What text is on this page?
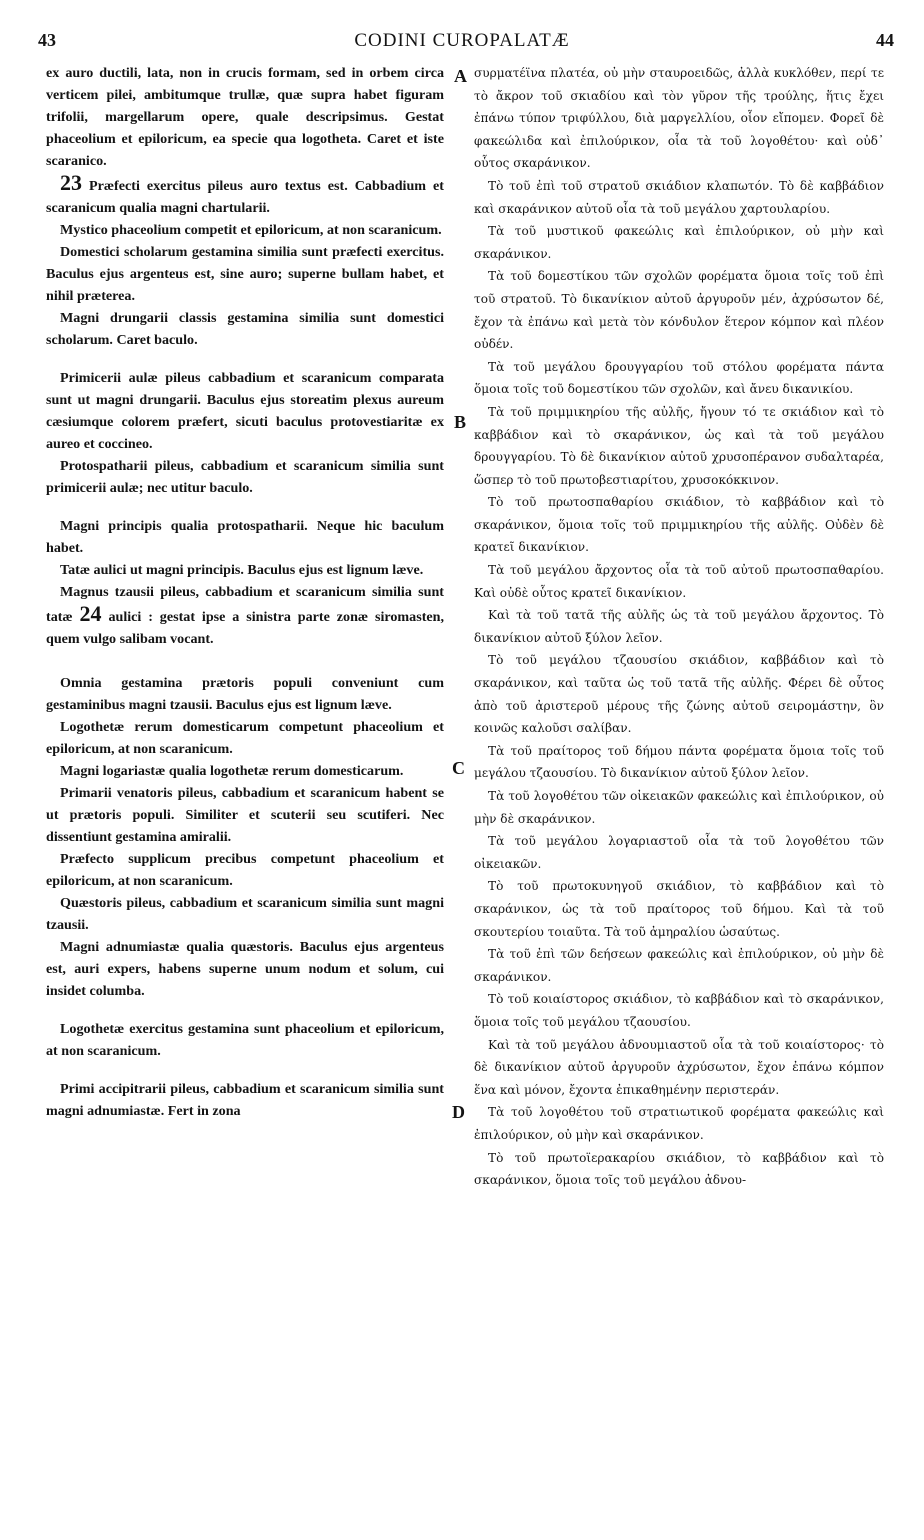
43	CODINI CUROPALATÆ	44

ex auro ductili, lata, non in crucis formam, sed in orbem circa verticem pilei, ambitumque trullæ, quæ supra habet figuram trifolii, margellarum opere, quale descripsimus. Gestat phaceolium et epiloricum, ea specie qua logotheta. Caret et iste scaranico.

23 Præfecti exercitus pileus auro textus est. Cabbadium et scaranicum qualia magni chartularii.

Mystico phaceolium competit et epiloricum, at non scaranicum.

Domestici scholarum gestamina similia sunt præfecti exercitus. Baculus ejus argenteus est, sine auro; superne bullam habet, et nihil præterea.

Magni drungarii classis gestamina similia sunt domestici scholarum. Caret baculo.

Primicerii aulæ pileus cabbadium et scaranicum comparata sunt ut magni drungarii. Baculus ejus storeatim plexus aureum cæsiumque colorem præfert, sicuti baculus protovestiaritæ ex aureo et coccineo.

Protospatharii pileus, cabbadium et scaranicum similia sunt primicerii aulæ; nec utitur baculo.

Magni principis qualia protospatharii. Neque hic baculum habet.

Tatæ aulici ut magni principis. Baculus ejus est lignum læve.

Magnus tzausii pileus, cabbadium et scaranicum similia sunt tatæ 24 aulici : gestat ipse a sinistra parte zonæ siromasten, quem vulgo salibam vocant.

Omnia gestamina prætoris populi conveniunt cum gestaminibus magni tzausii. Baculus ejus est lignum læve.

Logothetæ rerum domesticarum competunt phaceolium et epiloricum, at non scaranicum.

Magni logariastæ qualia logothetæ rerum domesticarum.

Primarii venatoris pileus, cabbadium et scaranicum habent se ut prætoris populi. Similiter et scuterii seu scutiferi. Nec dissentiunt gestamina amiralii.

Præfecto supplicum precibus competunt phaceolium et epiloricum, at non scaranicum.

Quæstoris pileus, cabbadium et scaranicum similia sunt magni tzausii.

Magni adnumiastæ qualia quæstoris. Baculus ejus argenteus est, auri expers, habens superne unum nodum et solum, cui insidet columba.

Logothetæ exercitus gestamina sunt phaceolium et epiloricum, at non scaranicum.

Primi accipitrarii pileus, cabbadium et scaranicum similia sunt magni adnumiastæ. Fert in zona

συρματέϊνα πλατέα, οὐ μὴν σταυροειδῶς, ἀλλὰ κυκλόθεν, περί τε τὸ ἄκρον τοῦ σκιαδίου καὶ τὸν γῦρον τῆς τρούλης, ἥτις ἔχει ἐπάνω τύπον τριφύλλου, διὰ μαργελλίου, οἷον εἴπομεν. Φορεῖ δὲ φακεώλιδα καὶ ἐπιλούρικον, οἷα τὰ τοῦ λογοθέτου· καὶ οὐδ᾽ οὗτος σκαράνικον.

Τὸ τοῦ ἐπὶ τοῦ στρατοῦ σκιάδιον κλαπωτόν. Τὸ δὲ καββάδιον καὶ σκαράνικον αὐτοῦ οἷα τὰ τοῦ μεγάλου χαρτουλαρίου.

Τὰ τοῦ μυστικοῦ φακεώλις καὶ ἐπιλούρικον, οὐ μὴν καὶ σκαράνικον.

Τὰ τοῦ δομεστίκου τῶν σχολῶν φορέματα ὅμοια τοῖς τοῦ ἐπὶ τοῦ στρατοῦ. Τὸ δικανίκιον αὐτοῦ ἀργυροῦν μέν, ἀχρύσωτον δέ, ἔχον τὰ ἐπάνω καὶ μετὰ τὸν κόνδυλον ἕτερον κόμπον καὶ πλέον οὐδέν.

Τὰ τοῦ μεγάλου δρουγγαρίου τοῦ στόλου φορέματα πάντα ὅμοια τοῖς τοῦ δομεστίκου τῶν σχολῶν, καὶ ἄνευ δικανικίου.

Τὰ τοῦ πριμμικηρίου τῆς αὐλῆς, ἤγουν τό τε σκιάδιον καὶ τὸ καββάδιον καὶ τὸ σκαράνικον, ὡς καὶ τὰ τοῦ μεγάλου δρουγγαρίου. Τὸ δὲ δικανίκιον αὐτοῦ χρυσοπέρανον συδαλταρέα, ὥσπερ τὸ τοῦ πρωτοβεστιαρίτου, χρυσοκόκκινον.

Τὸ τοῦ πρωτοσπαθαρίου σκιάδιον, τὸ καββάδιον καὶ τὸ σκαράνικον, ὅμοια τοῖς τοῦ πριμμικηρίου τῆς αὐλῆς. Οὐδὲν δὲ κρατεῖ δικανίκιον.

Τὰ τοῦ μεγάλου ἄρχοντος οἷα τὰ τοῦ αὐτοῦ πρωτοσπαθαρίου. Καὶ οὐδὲ οὗτος κρατεῖ δικανίκιον.

Καὶ τὰ τοῦ τατᾶ τῆς αὐλῆς ὡς τὰ τοῦ μεγάλου ἄρχοντος. Τὸ δικανίκιον αὐτοῦ ξύλον λεῖον.

Τὸ τοῦ μεγάλου τζαουσίου σκιάδιον, καββάδιον καὶ τὸ σκαράνικον, καὶ ταῦτα ὡς τοῦ τατᾶ τῆς αὐλῆς. Φέρει δὲ οὗτος ἀπὸ τοῦ ἀριστεροῦ μέρους τῆς ζώνης αὐτοῦ σειρομάστην, ὃν κοινῶς καλοῦσι σαλίβαν.

Τὰ τοῦ πραίτορος τοῦ δήμου πάντα φορέματα ὅμοια τοῖς τοῦ μεγάλου τζαουσίου. Τὸ δικανίκιον αὐτοῦ ξύλον λεῖον.

Τὰ τοῦ λογοθέτου τῶν οἰκειακῶν φακεώλις καὶ ἐπιλούρικον, οὐ μὴν δὲ σκαράνικον.

Τὰ τοῦ μεγάλου λογαριαστοῦ οἷα τὰ τοῦ λογοθέτου τῶν οἰκειακῶν.

Τὸ τοῦ πρωτοκυνηγοῦ σκιάδιον, τὸ καββάδιον καὶ τὸ σκαράνικον, ὡς τὰ τοῦ πραίτορος τοῦ δήμου. Καὶ τὰ τοῦ σκουτερίου τοιαῦτα. Τὰ τοῦ ἀμηραλίου ὡσαύτως.

Τὰ τοῦ ἐπὶ τῶν δεήσεων φακεώλις καὶ ἐπιλούρικον, οὐ μὴν δὲ σκαράνικον.

Τὸ τοῦ κοιαίστορος σκιάδιον, τὸ καββάδιον καὶ τὸ σκαράνικον, ὅμοια τοῖς τοῦ μεγάλου τζαουσίου.

Καὶ τὰ τοῦ μεγάλου ἀδνουμιαστοῦ οἷα τὰ τοῦ κοιαίστορος· τὸ δὲ δικανίκιον αὐτοῦ ἀργυροῦν ἀχρύσωτον, ἔχον ἐπάνω κόμπον ἕνα καὶ μόνον, ἔχοντα ἐπικαθημένην περιστεράν.

Τὰ τοῦ λογοθέτου τοῦ στρατιωτικοῦ φορέματα φακεώλις καὶ ἐπιλούρικον, οὐ μὴν καὶ σκαράνικον.

Τὸ τοῦ πρωτοϊερακαρίου σκιάδιον, τὸ καββάδιον καὶ τὸ σκαράνικον, ὅμοια τοῖς τοῦ μεγάλου ἀδνου-

A
B
C
D
